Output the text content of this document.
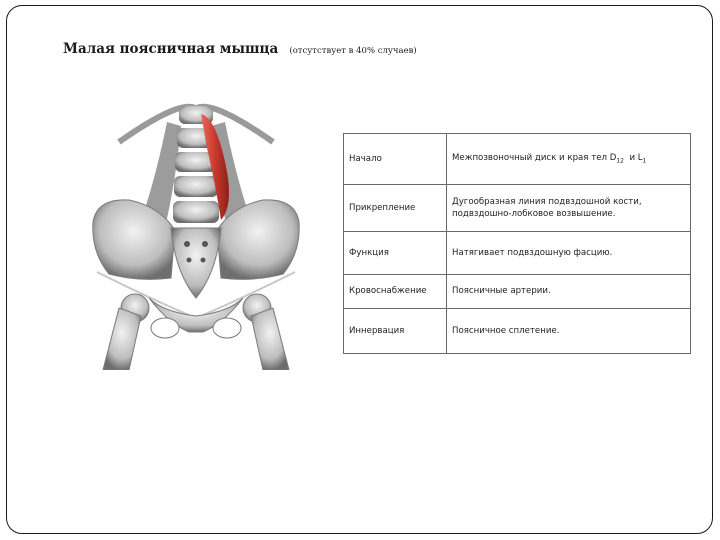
Малая поясничная мышца (отсутствует в 40% случаев)
Начало	Межпозвоночный диск и края тел $D_{12}$ и $L_1$
Прикрепление	Дугообразная линия подвздошной кости, подвздошно-лобковое возвышение.
Функция	Натягивает подвздошную фасцию.
Кровоснабжение	Поясничные артерии.
Иннервация	Поясничное сплетение.
